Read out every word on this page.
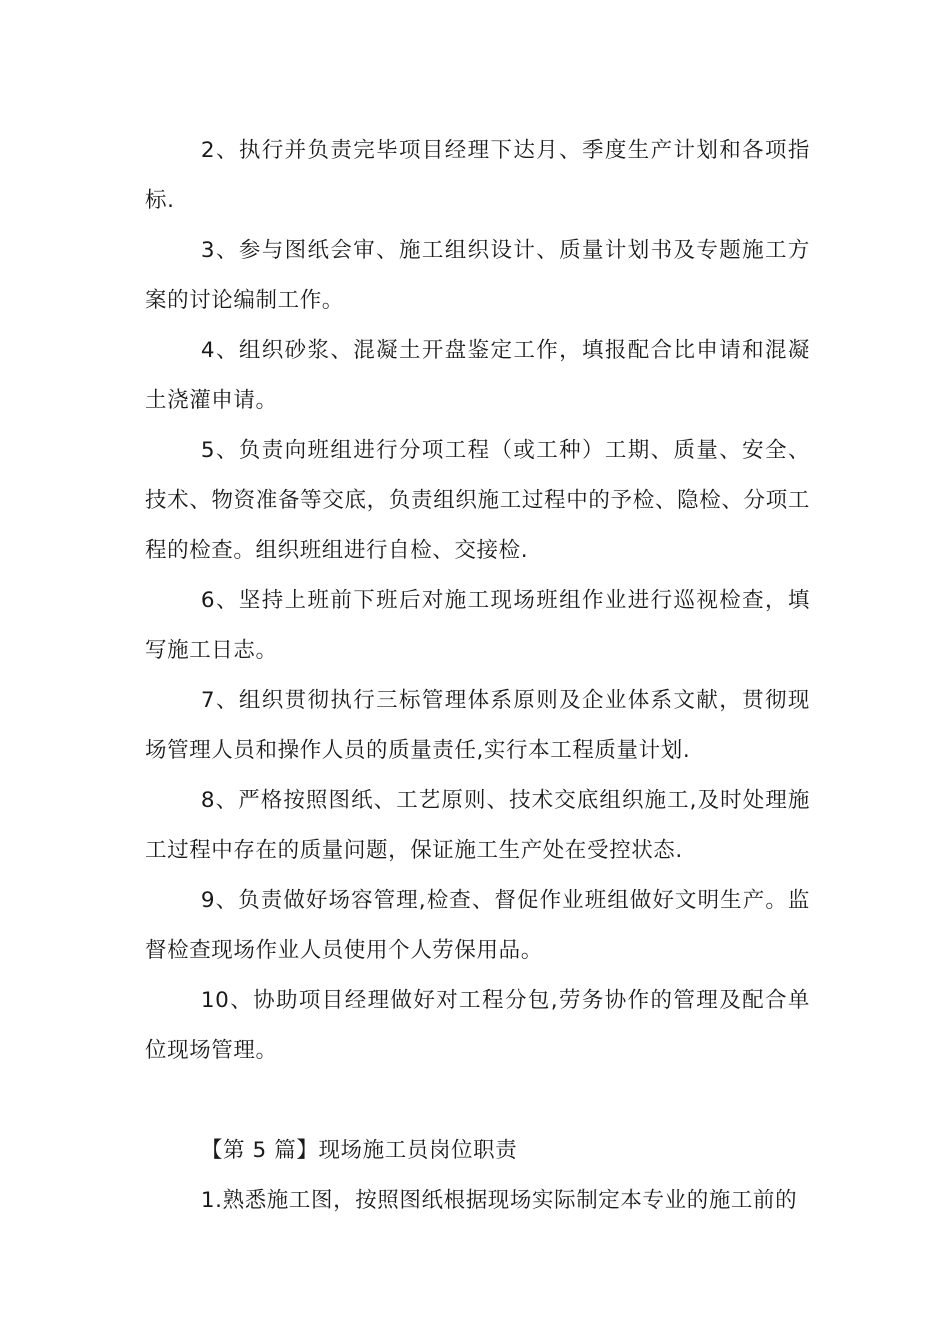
2、执行并负责完毕项目经理下达月、季度生产计划和各项指标.

3、参与图纸会审、施工组织设计、质量计划书及专题施工方案的讨论编制工作。

4、组织砂浆、混凝土开盘鉴定工作，填报配合比申请和混凝土浇灌申请。

5、负责向班组进行分项工程（或工种）工期、质量、安全、技术、物资准备等交底，负责组织施工过程中的予检、隐检、分项工程的检查。组织班组进行自检、交接检.

6、坚持上班前下班后对施工现场班组作业进行巡视检查，填写施工日志。

7、组织贯彻执行三标管理体系原则及企业体系文献，贯彻现场管理人员和操作人员的质量责任,实行本工程质量计划.

8、严格按照图纸、工艺原则、技术交底组织施工,及时处理施工过程中存在的质量问题，保证施工生产处在受控状态.

9、负责做好场容管理,检查、督促作业班组做好文明生产。监督检查现场作业人员使用个人劳保用品。

10、协助项目经理做好对工程分包,劳务协作的管理及配合单位现场管理。

【第 5 篇】现场施工员岗位职责

1.熟悉施工图，按照图纸根据现场实际制定本专业的施工前的
